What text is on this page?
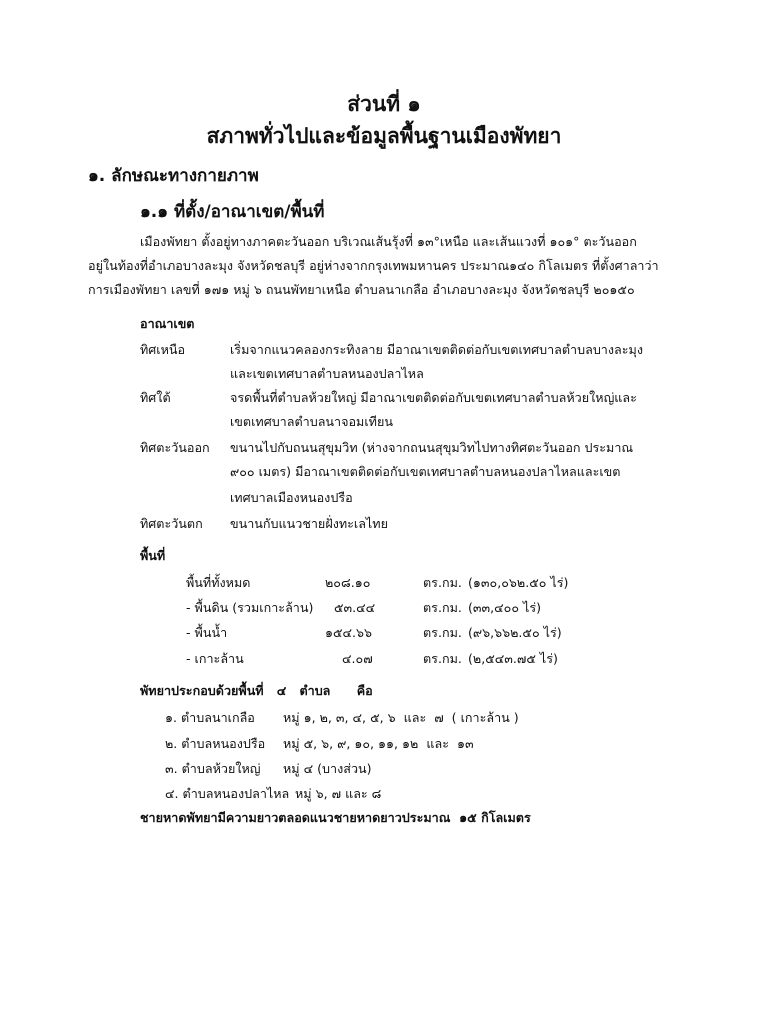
ส่วนที่ ๑
สภาพทั่วไปและข้อมูลพื้นฐานเมืองพัทยา
๑. ลักษณะทางกายภาพ
๑.๑ ที่ตั้ง/อาณาเขต/พื้นที่
เมืองพัทยา ตั้งอยู่ทางภาคตะวันออก บริเวณเส้นรุ้งที่ ๑๓°เหนือ และเส้นแวงที่ ๑๐๑° ตะวันออก
อยู่ในท้องที่อำเภอบางละมุง จังหวัดชลบุรี อยู่ห่างจากกรุงเทพมหานคร ประมาณ๑๔๐ กิโลเมตร ที่ตั้งศาลาว่า
การเมืองพัทยา เลขที่ ๑๗๑ หมู่ ๖ ถนนพัทยาเหนือ ตำบลนาเกลือ อำเภอบางละมุง จังหวัดชลบุรี ๒๐๑๕๐
อาณาเขต
ทิศเหนือ	เริ่มจากแนวคลองกระทิงลาย มีอาณาเขตติดต่อกับเขตเทศบาลตำบลบางละมุง
และเขตเทศบาลตำบลหนองปลาไหล
ทิศใต้	จรดพื้นที่ตำบลห้วยใหญ่ มีอาณาเขตติดต่อกับเขตเทศบาลตำบลห้วยใหญ่และ
เขตเทศบาลตำบลนาจอมเทียน
ทิศตะวันออก ขนานไปกับถนนสุขุมวิท (ห่างจากถนนสุขุมวิทไปทางทิศตะวันออก ประมาณ
๙๐๐ เมตร) มีอาณาเขตติดต่อกับเขตเทศบาลตำบลหนองปลาไหลและเขต
เทศบาลเมืองหนองปรือ
ทิศตะวันตก ขนานกับแนวชายฝั่งทะเลไทย
พื้นที่
พื้นที่ทั้งหมด	๒๐๘.๑๐	ตร.กม. (๑๓๐,๐๖๒.๕๐ ไร่)
- พื้นดิน (รวมเกาะล้าน) ๕๓.๔๔	ตร.กม. (๓๓,๔๐๐ ไร่)
- พื้นน้ำ	๑๕๔.๖๖	ตร.กม. (๙๖,๖๖๒.๕๐ ไร่)
- เกาะล้าน	๔.๐๗	ตร.กม. (๒,๕๔๓.๗๕ ไร่)
พัทยาประกอบด้วยพื้นที่   ๔   ตำบล      คือ
๑. ตำบลนาเกลือ หมู่ ๑, ๒, ๓, ๔, ๕, ๖  และ  ๗  ( เกาะล้าน )
๒. ตำบลหนองปรือ หมู่ ๕, ๖, ๙, ๑๐, ๑๑, ๑๒  และ  ๑๓
๓. ตำบลห้วยใหญ่ หมู่ ๔ (บางส่วน)
๔. ตำบลหนองปลาไหล หมู่ ๖, ๗ และ ๘
ชายหาดพัทยามีความยาวตลอดแนวชายหาดยาวประมาณ  ๑๕ กิโลเมตร
